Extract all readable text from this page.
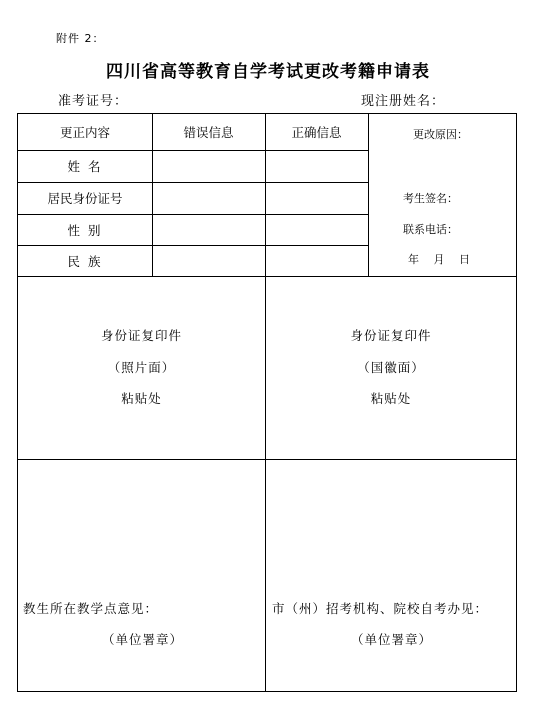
附件 2：
四川省高等教育自学考试更改考籍申请表
准考证号：	现注册姓名：
更正内容	错误信息	正确信息
姓 名
居民身份证号
性 别
民 族
更改原因：
考生签名：
联系电话：
年　 月　 日
身份证复印件
（照片面）
粘贴处
身份证复印件
（国徽面）
粘贴处
教生所在教学点意见：
（单位署章）
市（州）招考机构、院校自考办见：
（单位署章）
